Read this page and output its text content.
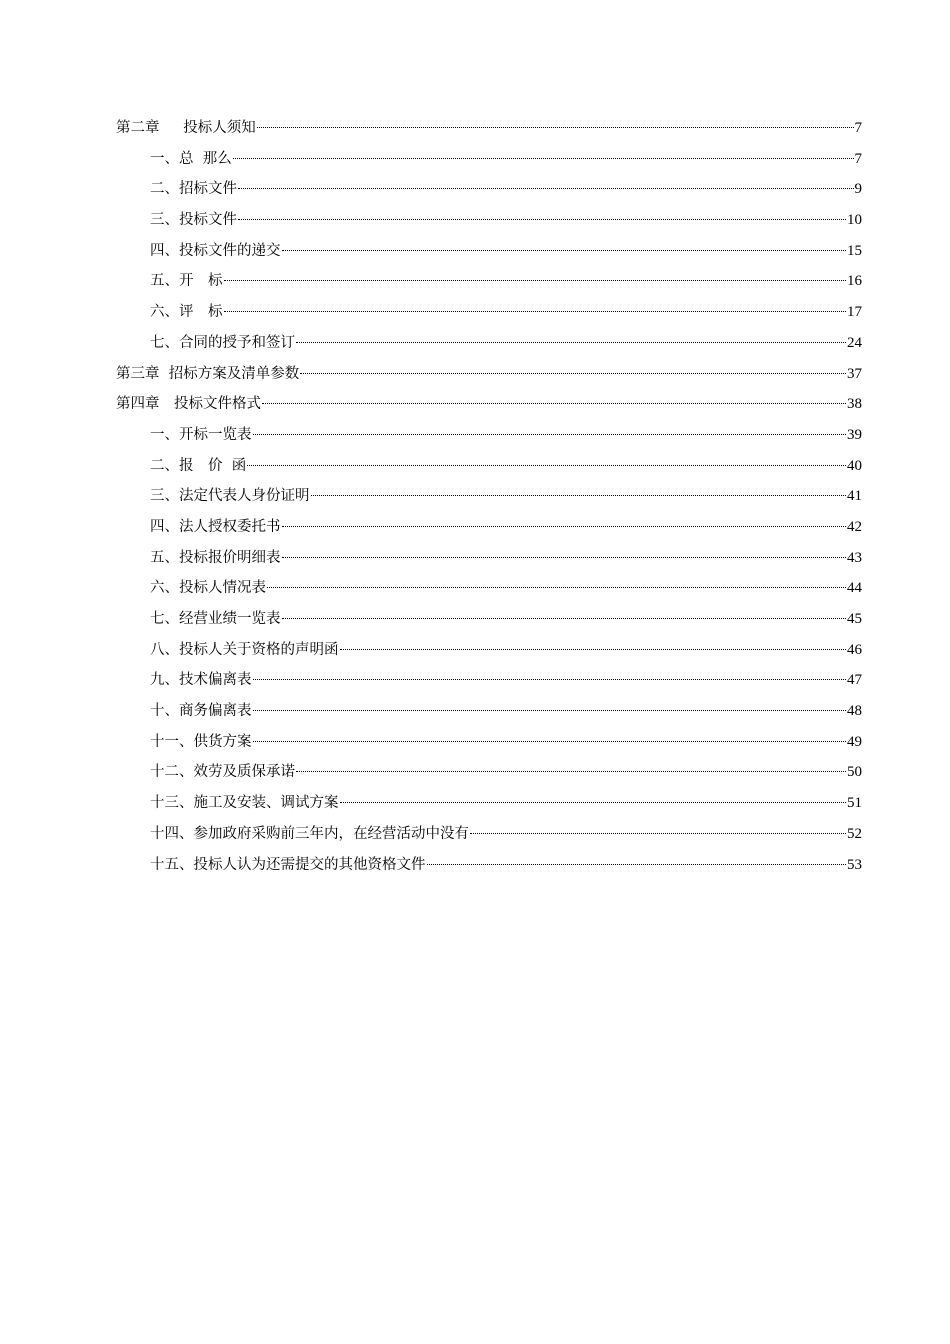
第二章　  投标人须知	7
一、总  那么	7
二、招标文件	9
三、投标文件	10
四、投标文件的递交	15
五、开　标	16
六、评　标	17
七、合同的授予和签订	24
第三章  招标方案及清单参数	37
第四章　投标文件格式	38
一、开标一览表	39
二、报　价  函	40
三、法定代表人身份证明	41
四、法人授权委托书	42
五、投标报价明细表	43
六、投标人情况表	44
七、经营业绩一览表	45
八、投标人关于资格的声明函	46
九、技术偏离表	47
十、商务偏离表	48
十一、供货方案	49
十二、效劳及质保承诺	50
十三、施工及安装、调试方案	51
十四、参加政府采购前三年内，在经营活动中没有	52
十五、投标人认为还需提交的其他资格文件	53
